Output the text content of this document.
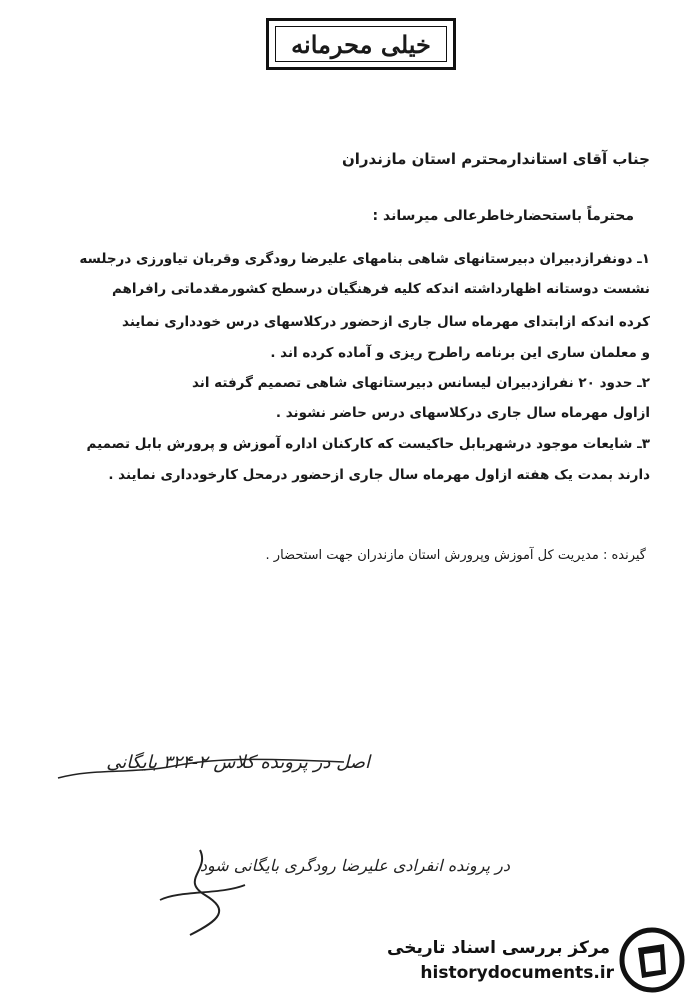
خیلی محرمانه
جناب آقای استاندارمحترم استان مازندران
محترماً باستحضارخاطرعالی میرساند :
۱ـ دونفرازدبیران دبیرستانهای شاهی بنامهای علیرضا رودگری وقربان تیاورزی درجلسه
نشست دوستانه اظهارداشته اندکه کلیه فرهنگیان درسطح کشورمقدماتی رافراهم
کرده اندکه ازابتدای مهرماه سال جاری ازحضور درکلاسهای درس خودداری نمایند
و معلمان ساری این برنامه راطرح ریزی و آماده کرده اند .
۲ـ حدود ۲۰ نفرازدبیران لیسانس دبیرستانهای شاهی تصمیم گرفته اند
ازاول مهرماه سال جاری درکلاسهای درس حاضر نشوند .
۳ـ شایعات موجود درشهربابل حاکیست که کارکنان اداره آموزش و پرورش بابل تصمیم
دارند بمدت یک هفته ازاول مهرماه سال جاری ازحضور درمحل کارخودداری نمایند .
گیرنده : مدیریت کل آموزش وپرورش استان مازندران جهت استحضار .
اصل در پرونده کلاس ۲-۳۲۴ بایگانی
در پرونده انفرادی علیرضا رودگری بایگانی شود
مرکز بررسی اسناد تاریخی
historydocuments.ir
